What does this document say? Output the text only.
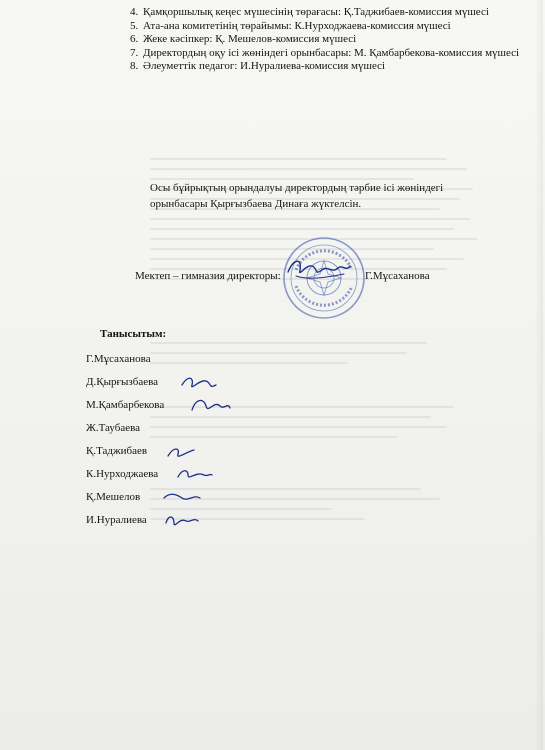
4. Қамқоршылық кеңес мүшесінің төрағасы: Қ.Таджибаев-комиссия мүшесі
5. Ата-ана комитетінің төрайымы: К.Нурходжаева-комиссия мүшесі
6. Жеке кәсіпкер: Қ. Мешелов-комиссия мүшесі
7. Директордың оқу ісі жөніндегі орынбасары: М. Қамбарбекова-комиссия мүшесі
8. Әлеуметтік педагог: И.Нуралиева-комиссия мүшесі
Осы бұйрықтың орындалуы директордың тәрбие ісі жөніндегі орынбасары Қырғызбаева Динаға жүктелсін.
Мектеп – гимназия директоры:	Г.Мұсаханова
Танысытым:
Г.Мұсаханова
Д.Қырғызбаева
М.Қамбарбекова
Ж.Таубаева
Қ.Таджибаев
К.Нурходжаева
Қ.Мешелов
И.Нуралиева
